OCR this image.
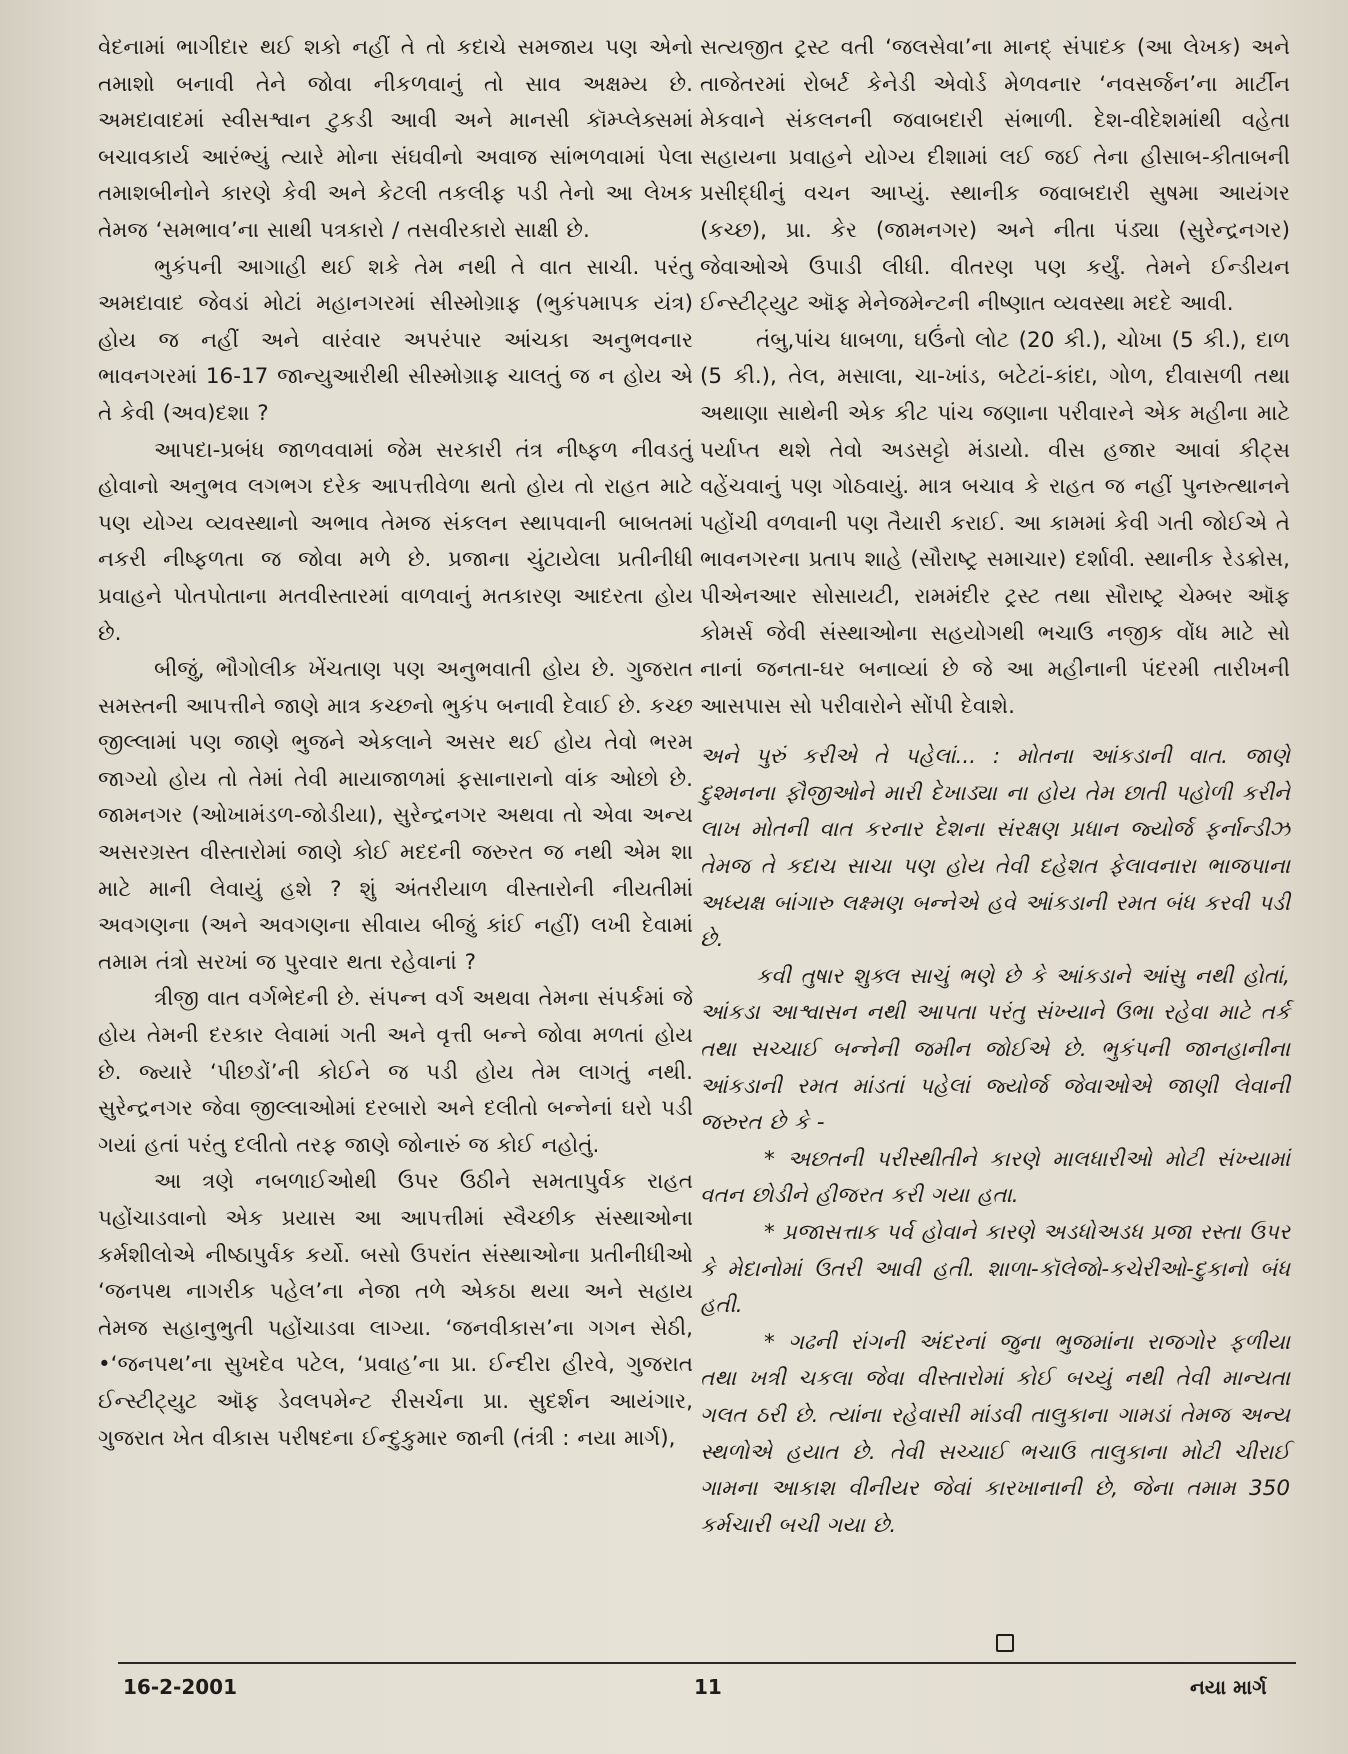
વેદનામાં ભાગીદાર થઈ શકો નહીં તે તો કદાચે સમજાય પણ એનો તમાશો બનાવી તેને જોવા નીકળવાનું તો સાવ અક્ષમ્ય છે. અમદાવાદમાં સ્વીસશ્વાન ટુકડી આવી અને માનસી કૉમ્પ્લેક્સમાં બચાવકાર્ય આરંભ્યું ત્યારે મોના સંઘવીનો અવાજ સાંભળવામાં પેલા તમાશબીનોને કારણે કેવી અને કેટલી તકલીફ પડી તેનો આ લેખક તેમજ ‘સમભાવ’ના સાથી પત્રકારો / તસવીરકારો સાક્ષી છે.

ભુકંપની આગાહી થઈ શકે તેમ નથી તે વાત સાચી. પરંતુ અમદાવાદ જેવડાં મોટાં મહાનગરમાં સીસ્મોગ્રાફ (ભુકંપમાપક યંત્ર) હોય જ નહીં અને વારંવાર અપરંપાર આંચકા અનુભવનાર ભાવનગરમાં 16-17 જાન્યુઆરીથી સીસ્મોગ્રાફ ચાલતું જ ન હોય એ તે કેવી (અવ)દશા ?

આપદા-પ્રબંધ જાળવવામાં જેમ સરકારી તંત્ર નીષ્ફળ નીવડતું હોવાનો અનુભવ લગભગ દરેક આપત્તીવેળા થતો હોય તો રાહત માટે પણ યોગ્ય વ્યવસ્થાનો અભાવ તેમજ સંકલન સ્થાપવાની બાબતમાં નકરી નીષ્ફળતા જ જોવા મળે છે. પ્રજાના ચુંટાયેલા પ્રતીનીધી પ્રવાહને પોતપોતાના મતવીસ્તારમાં વાળવાનું મતકારણ આદરતા હોય છે.

બીજું, ભૌગોલીક ખેંચતાણ પણ અનુભવાતી હોય છે. ગુજરાત સમસ્તની આપત્તીને જાણે માત્ર કચ્છનો ભુકંપ બનાવી દેવાઈ છે. કચ્છ જીલ્લામાં પણ જાણે ભુજને એકલાને અસર થઈ હોય તેવો ભરમ જાગ્યો હોય તો તેમાં તેવી માયાજાળમાં ફસાનારાનો વાંક ઓછો છે. જામનગર (ઓખામંડળ-જોડીયા), સુરેન્દ્રનગર અથવા તો એવા અન્ય અસરગ્રસ્ત વીસ્તારોમાં જાણે કોઈ મદદની જરુરત જ નથી એમ શા માટે માની લેવાયું હશે ? શું અંતરીયાળ વીસ્તારોની નીયતીમાં અવગણના (અને અવગણના સીવાય બીજું કાંઈ નહીં) લખી દેવામાં તમામ તંત્રો સરખાં જ પુરવાર થતા રહેવાનાં ?

ત્રીજી વાત વર્ગભેદની છે. સંપન્ન વર્ગ અથવા તેમના સંપર્કમાં જે હોય તેમની દરકાર લેવામાં ગતી અને વૃત્તી બન્ને જોવા મળતાં હોય છે. જ્યારે ‘પીછડોં’ની કોઈને જ પડી હોય તેમ લાગતું નથી. સુરેન્દ્રનગર જેવા જીલ્લાઓમાં દરબારો અને દલીતો બન્નેનાં ઘરો પડી ગયાં હતાં પરંતુ દલીતો તરફ જાણે જોનારું જ કોઈ નહોતું.

આ ત્રણે નબળાઈઓથી ઉપર ઉઠીને સમતાપુર્વક રાહત પહોંચાડવાનો એક પ્રયાસ આ આપત્તીમાં સ્વૈચ્છીક સંસ્થાઓના કર્મશીલોએ નીષ્ઠાપુર્વક કર્યો. બસો ઉપરાંત સંસ્થાઓના પ્રતીનીધીઓ ‘જનપથ નાગરીક પહેલ’ના નેજા તળે એકઠા થયા અને સહાય તેમજ સહાનુભુતી પહોંચાડવા લાગ્યા. ‘જનવીકાસ’ના ગગન સેઠી, •‘જનપથ’ના સુખદેવ પટેલ, ‘પ્રવાહ’ના પ્રા. ઈન્દીરા હીરવે, ગુજરાત ઈન્સ્ટીટ્યુટ ઑફ ડેવલપમેન્ટ રીસર્ચના પ્રા. સુદર્શન આયંગાર, ગુજરાત ખેત વીકાસ પરીષદના ઈન્દુકુમાર જાની (તંત્રી : નયા માર્ગ),

સત્યજીત ટ્રસ્ટ વતી ‘જલસેવા’ના માનદ્ સંપાદક (આ લેખક) અને તાજેતરમાં રોબર્ટ કેનેડી એવોર્ડ મેળવનાર ‘નવસર્જન’ના માર્ટીન મેકવાને સંકલનની જવાબદારી સંભાળી. દેશ-વીદેશમાંથી વહેતા સહાયના પ્રવાહને યોગ્ય દીશામાં લઈ જઈ તેના હીસાબ-કીતાબની પ્રસીદ્ધીનું વચન આપ્યું. સ્થાનીક જવાબદારી સુષમા આયંગર (કચ્છ), પ્રા. કેર (જામનગર) અને નીતા પંડ્યા (સુરેન્દ્રનગર) જેવાઓએ ઉપાડી લીધી. વીતરણ પણ કર્યું. તેમને ઈન્ડીયન ઈન્સ્ટીટ્યુટ ઑફ મેનેજમેન્ટની નીષ્ણાત વ્યવસ્થા મદદે આવી.

તંબુ,પાંચ ધાબળા, ઘઉંનો લોટ (20 કી.), ચોખા (5 કી.), દાળ (5 કી.), તેલ, મસાલા, ચા-ખાંડ, બટેટાં-કાંદા, ગોળ, દીવાસળી તથા અથાણા સાથેની એક કીટ પાંચ જણાના પરીવારને એક મહીના માટે પર્યાપ્ત થશે તેવો અડસટ્ટો મંડાયો. વીસ હજાર આવાં કીટ્સ વહેંચવાનું પણ ગોઠવાયું. માત્ર બચાવ કે રાહત જ નહીં પુનરુત્થાનને પહોંચી વળવાની પણ તૈયારી કરાઈ. આ કામમાં કેવી ગતી જોઈએ તે ભાવનગરના પ્રતાપ શાહે (સૌરાષ્ટ્ર સમાચાર) દર્શાવી. સ્થાનીક રેડક્રોસ, પીએનઆર સોસાયટી, રામમંદીર ટ્રસ્ટ તથા સૌરાષ્ટ્ર ચેમ્બર ઑફ કોમર્સ જેવી સંસ્થાઓના સહયોગથી ભચાઉ નજીક વોંધ માટે સો નાનાં જનતા-ઘર બનાવ્યાં છે જે આ મહીનાની પંદરમી તારીખની આસપાસ સો પરીવારોને સોંપી દેવાશે.

અને પુરું કરીએ તે પહેલાં... : મોતના આંકડાની વાત. જાણે દુશ્મનના ફૌજીઓને મારી દેખાડ્યા ના હોય તેમ છાતી પહોળી કરીને લાખ મોતની વાત કરનાર દેશના સંરક્ષણ પ્રધાન જ્યોર્જ ફર્નાન્ડીઝ તેમજ તે કદાચ સાચા પણ હોય તેવી દહેશત ફેલાવનારા ભાજપાના અધ્યક્ષ બાંગારુ લક્ષ્મણ બન્નેએ હવે આંકડાની રમત બંધ કરવી પડી છે.

કવી તુષાર શુક્લ સાચું ભણે છે કે આંકડાને આંસુ નથી હોતાં, આંકડા આશ્વાસન નથી આપતા પરંતુ સંખ્યાને ઉભા રહેવા માટે તર્ક તથા સચ્ચાઈ બન્નેની જમીન જોઈએ છે. ભુકંપની જાનહાનીના આંકડાની રમત માંડતાં પહેલાં જ્યોર્જ જેવાઓએ જાણી લેવાની જરુરત છે કે -

* અછતની પરીસ્થીતીને કારણે માલધારીઓ મોટી સંખ્યામાં વતન છોડીને હીજરત કરી ગયા હતા.

* પ્રજાસત્તાક પર્વ હોવાને કારણે અડધોઅડધ પ્રજા રસ્તા ઉપર કે મેદાનોમાં ઉતરી આવી હતી. શાળા-કૉલેજો-કચેરીઓ-દુકાનો બંધ હતી.

* ગઢની રાંગની અંદરનાં જુના ભુજમાંના રાજગોર ફળીયા તથા ખત્રી ચકલા જેવા વીસ્તારોમાં કોઈ બચ્યું નથી તેવી માન્યતા ગલત ઠરી છે. ત્યાંના રહેવાસી માંડવી તાલુકાના ગામડાં તેમજ અન્ય સ્થળોએ હયાત છે. તેવી સચ્ચાઈ ભચાઉ તાલુકાના મોટી ચીરાઈ ગામના આકાશ વીનીયર જેવાં કારખાનાની છે, જેના તમામ 350 કર્મચારી બચી ગયા છે.

16-2-2001	11	નયા માર્ગ
